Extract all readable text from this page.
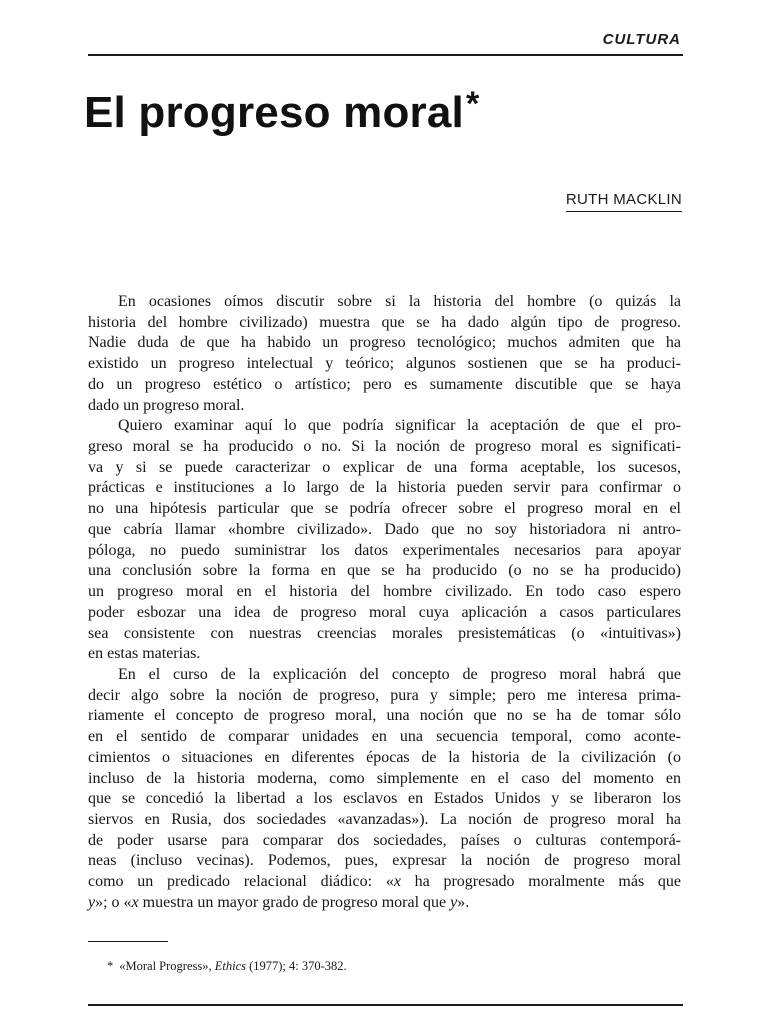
CULTURA
El progreso moral*
RUTH MACKLIN
En ocasiones oímos discutir sobre si la historia del hombre (o quizás la
historia del hombre civilizado) muestra que se ha dado algún tipo de progreso.
Nadie duda de que ha habido un progreso tecnológico; muchos admiten que ha
existido un progreso intelectual y teórico; algunos sostienen que se ha produci-
do un progreso estético o artístico; pero es sumamente discutible que se haya
dado un progreso moral.
Quiero examinar aquí lo que podría significar la aceptación de que el pro-
greso moral se ha producido o no. Si la noción de progreso moral es significati-
va y si se puede caracterizar o explicar de una forma aceptable, los sucesos,
prácticas e instituciones a lo largo de la historia pueden servir para confirmar o
no una hipótesis particular que se podría ofrecer sobre el progreso moral en el
que cabría llamar «hombre civilizado». Dado que no soy historiadora ni antro-
póloga, no puedo suministrar los datos experimentales necesarios para apoyar
una conclusión sobre la forma en que se ha producido (o no se ha producido)
un progreso moral en el historia del hombre civilizado. En todo caso espero
poder esbozar una idea de progreso moral cuya aplicación a casos particulares
sea consistente con nuestras creencias morales presistemáticas (o «intuitivas»)
en estas materias.
En el curso de la explicación del concepto de progreso moral habrá que
decir algo sobre la noción de progreso, pura y simple; pero me interesa prima-
riamente el concepto de progreso moral, una noción que no se ha de tomar sólo
en el sentido de comparar unidades en una secuencia temporal, como aconte-
cimientos o situaciones en diferentes épocas de la historia de la civilización (o
incluso de la historia moderna, como simplemente en el caso del momento en
que se concedió la libertad a los esclavos en Estados Unidos y se liberaron los
siervos en Rusia, dos sociedades «avanzadas»). La noción de progreso moral ha
de poder usarse para comparar dos sociedades, países o culturas contemporá-
neas (incluso vecinas). Podemos, pues, expresar la noción de progreso moral
como un predicado relacional diádico: «x ha progresado moralmente más que
y»; o «x muestra un mayor grado de progreso moral que y».
* «Moral Progress», Ethics (1977); 4: 370-382.
